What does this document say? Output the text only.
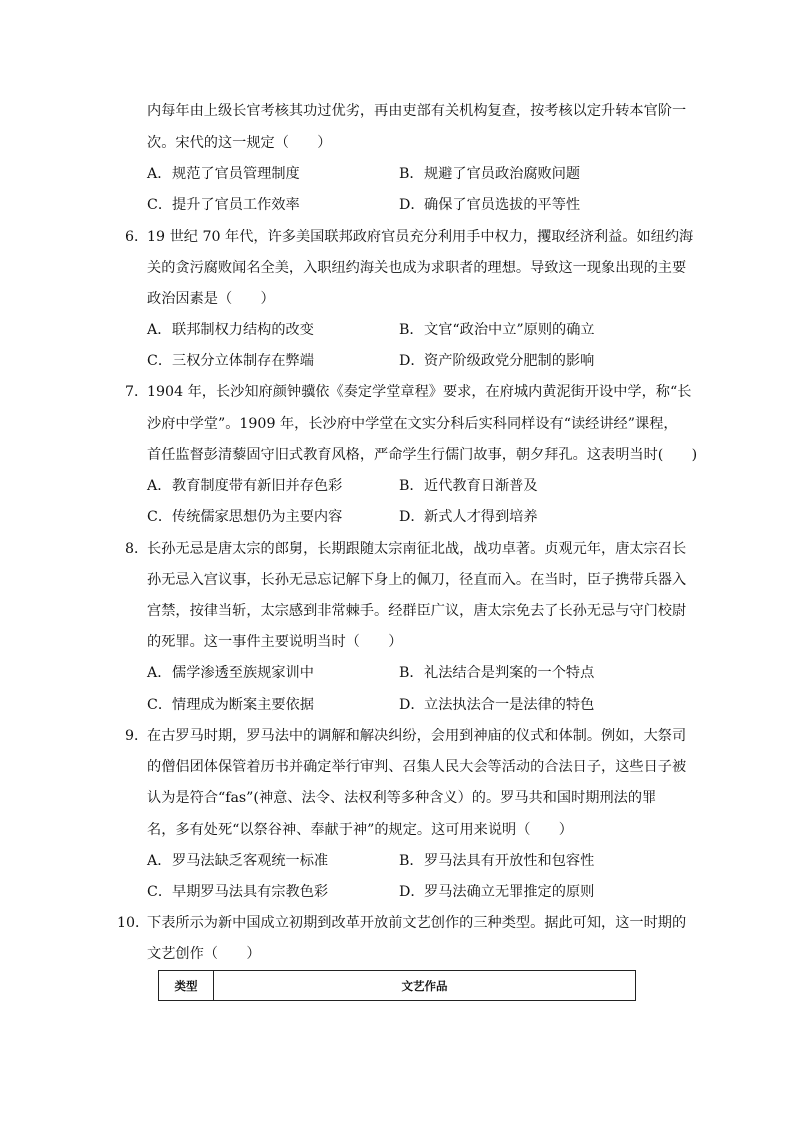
内每年由上级长官考核其功过优劣，再由吏部有关机构复查，按考核以定升转本官阶一
次。宋代的这一规定（　　）
A．规范了官员管理制度	B．规避了官员政治腐败问题
C．提升了官员工作效率	D．确保了官员选拔的平等性
6．
19 世纪 70 年代，许多美国联邦政府官员充分利用手中权力，攫取经济利益。如纽约海
关的贪污腐败闻名全美，入职纽约海关也成为求职者的理想。导致这一现象出现的主要
政治因素是（　　）
A．联邦制权力结构的改变	B．文官“政治中立”原则的确立
C．三权分立体制存在弊端	D．资产阶级政党分肥制的影响
7．
1904 年，长沙知府颜钟骥依《奏定学堂章程》要求，在府城内黄泥街开设中学，称“长
沙府中学堂”。1909 年，长沙府中学堂在文实分科后实科同样设有“读经讲经”课程，
首任监督彭清藜固守旧式教育风格，严命学生行儒门故事，朝夕拜孔。这表明当时(　　)
A．教育制度带有新旧并存色彩	B．近代教育日渐普及
C．传统儒家思想仍为主要内容	D．新式人才得到培养
8．
长孙无忌是唐太宗的郎舅，长期跟随太宗南征北战，战功卓著。贞观元年，唐太宗召长
孙无忌入宫议事，长孙无忌忘记解下身上的佩刀，径直而入。在当时，臣子携带兵器入
宫禁，按律当斩，太宗感到非常棘手。经群臣广议，唐太宗免去了长孙无忌与守门校尉
的死罪。这一事件主要说明当时（　　）
A．儒学渗透至族规家训中	B．礼法结合是判案的一个特点
C．情理成为断案主要依据	D．立法执法合一是法律的特色
9．
在古罗马时期，罗马法中的调解和解决纠纷，会用到神庙的仪式和体制。例如，大祭司
的僧侣团体保管着历书并确定举行审判、召集人民大会等活动的合法日子，这些日子被
认为是符合“fas”(神意、法令、法权利等多种含义）的。罗马共和国时期刑法的罪
名，多有处死“以祭谷神、奉献于神”的规定。这可用来说明（　　）
A．罗马法缺乏客观统一标准	B．罗马法具有开放性和包容性
C．早期罗马法具有宗教色彩	D．罗马法确立无罪推定的原则
10．
下表所示为新中国成立初期到改革开放前文艺创作的三种类型。据此可知，这一时期的
文艺创作（　　）
类型	文艺作品
